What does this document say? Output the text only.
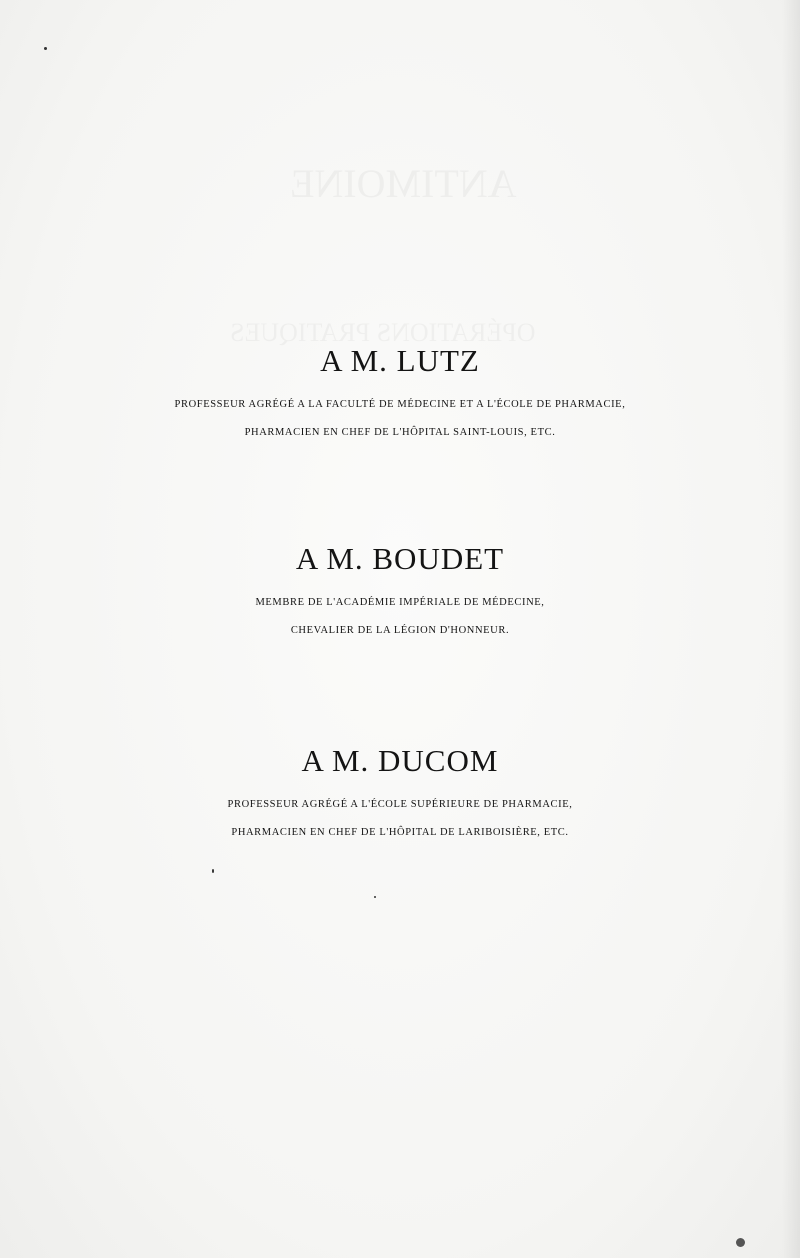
A M. LUTZ

PROFESSEUR AGRÉGÉ A LA FACULTÉ DE MÉDECINE ET A L'ÉCOLE DE PHARMACIE,

PHARMACIEN EN CHEF DE L'HÔPITAL SAINT-LOUIS, ETC.

A M. BOUDET

MEMBRE DE L'ACADÉMIE IMPÉRIALE DE MÉDECINE,

CHEVALIER DE LA LÉGION D'HONNEUR.

A M. DUCOM

PROFESSEUR AGRÉGÉ A L'ÉCOLE SUPÉRIEURE DE PHARMACIE,

PHARMACIEN EN CHEF DE L'HÔPITAL DE LARIBOISIÈRE, ETC.
